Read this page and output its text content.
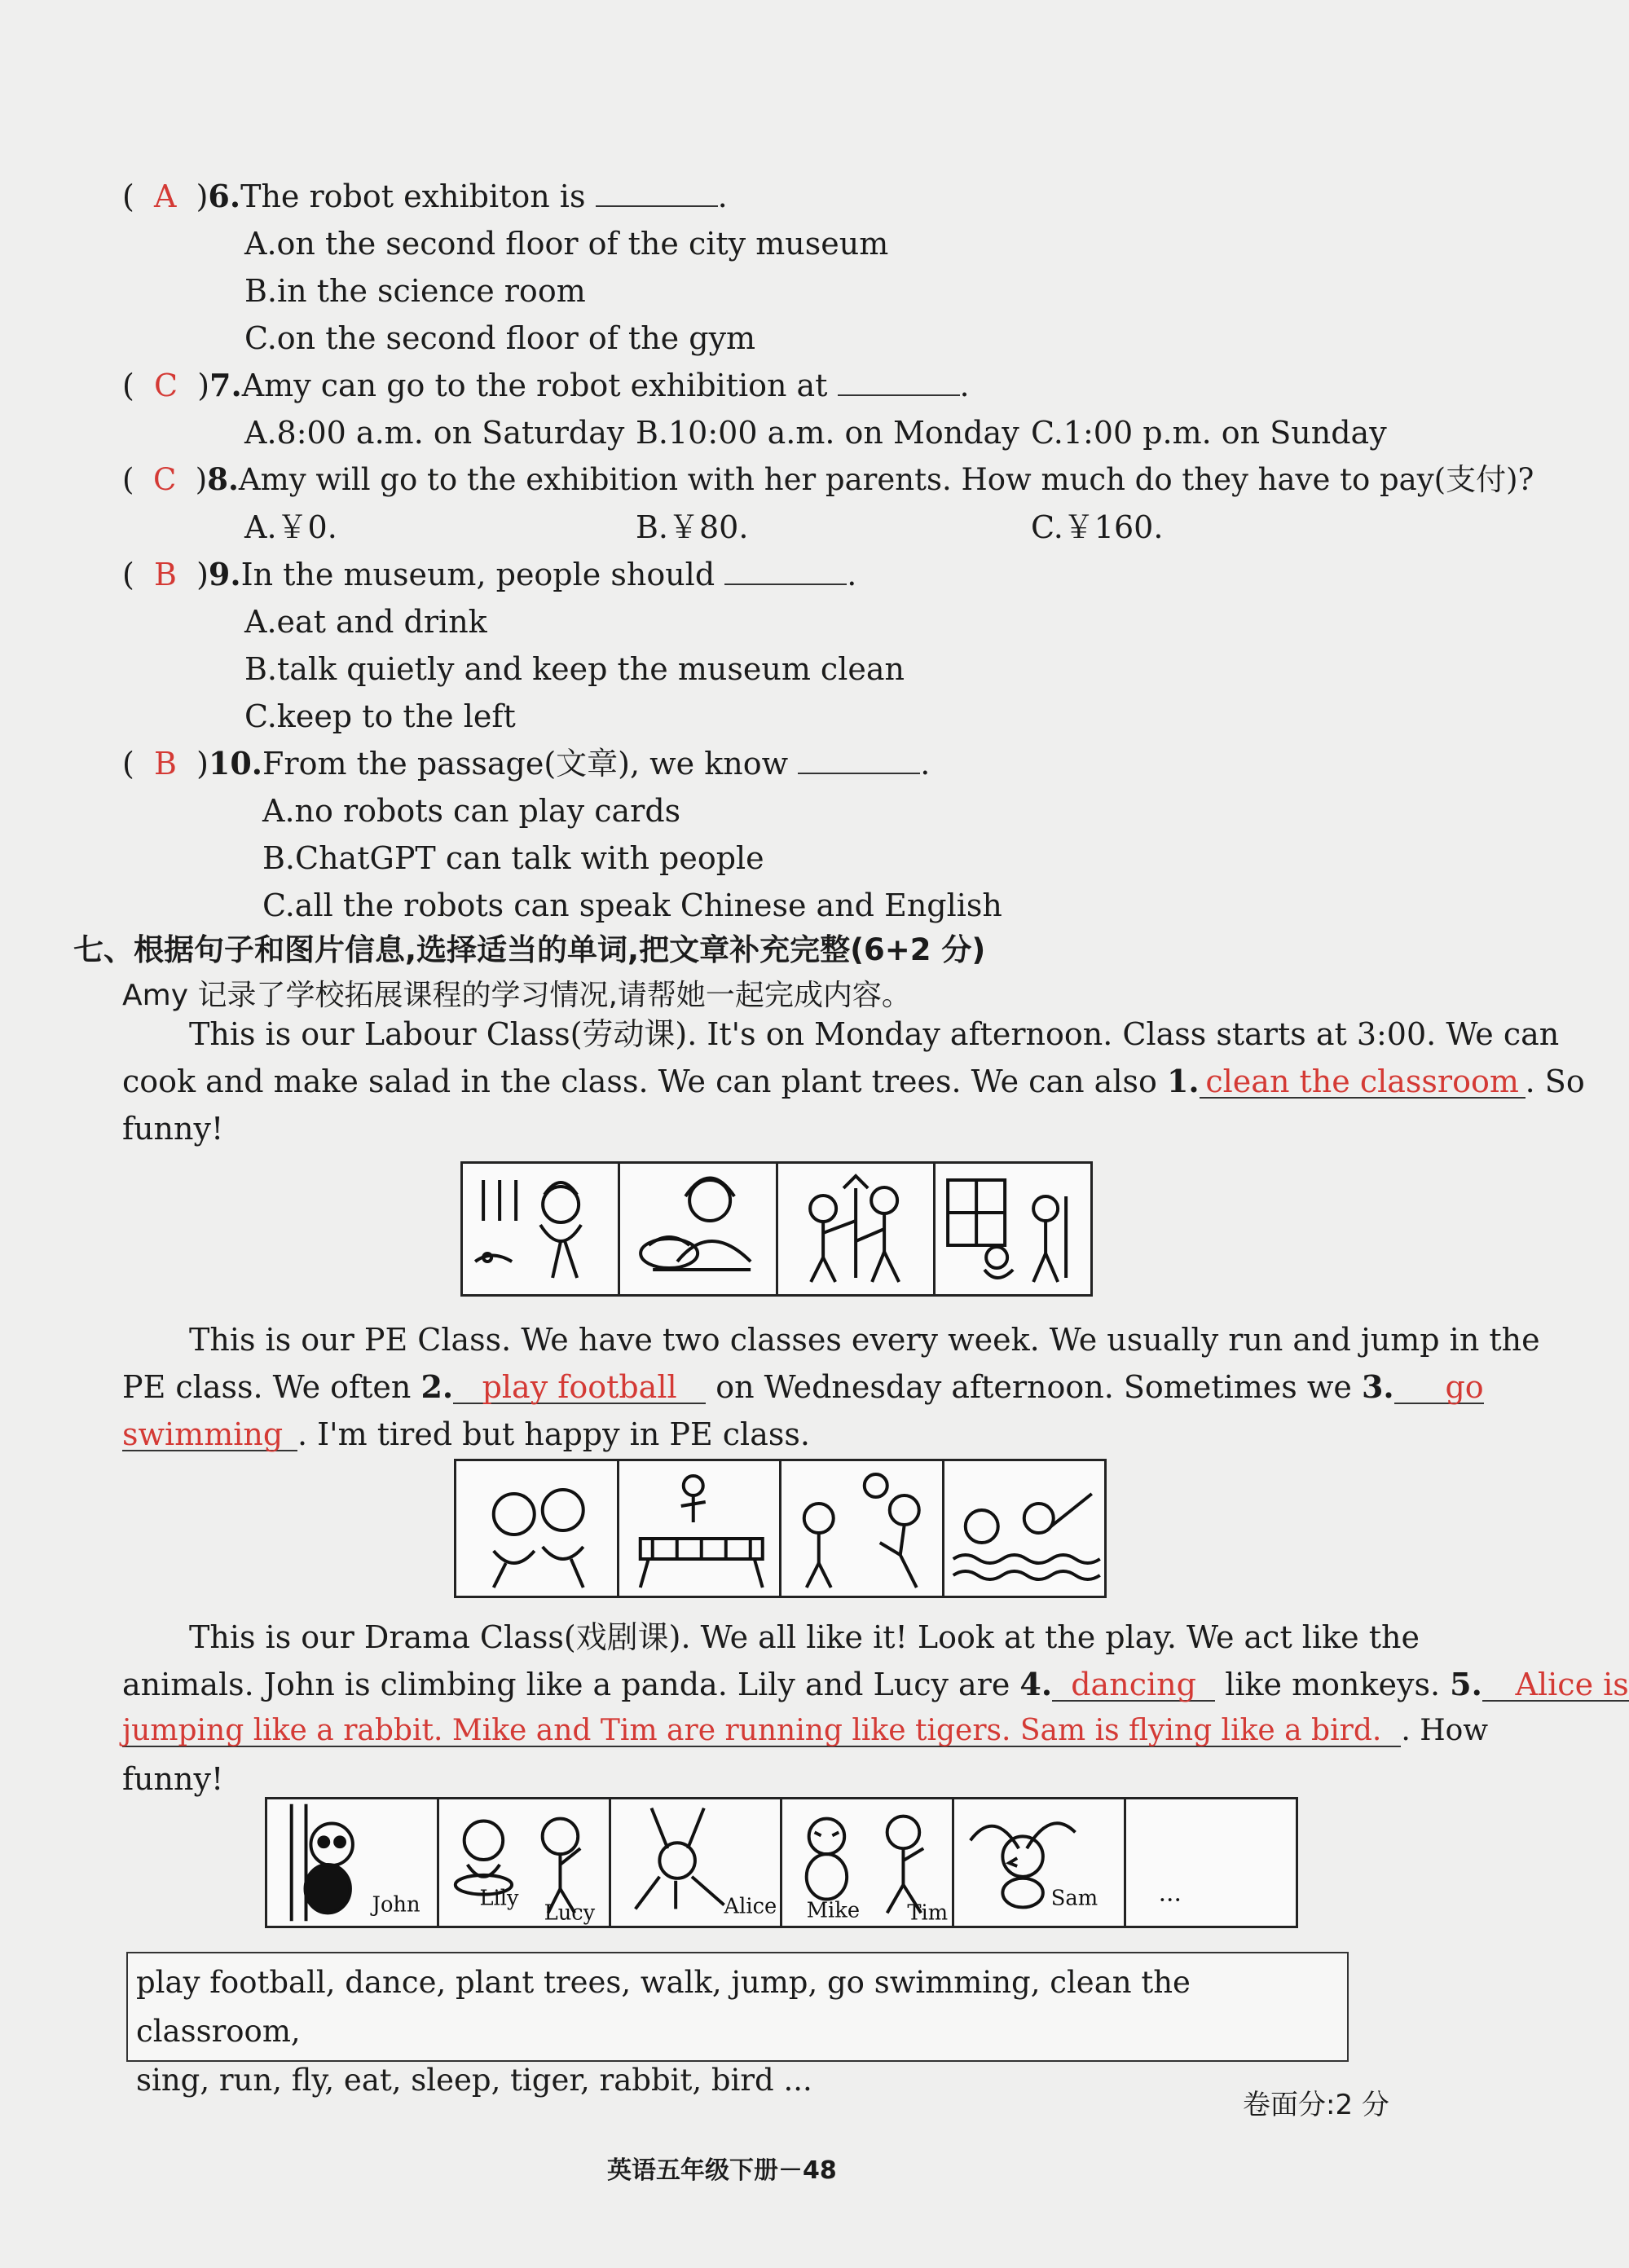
(  A  )6.The robot exhibiton is	.
A.on the second floor of the city museum
B.in the science room
C.on the second floor of the gym
(  C  )7.Amy can go to the robot exhibition at	.
A.8:00 a.m. on Saturday B.10:00 a.m. on Monday C.1:00 p.m. on Sunday
(  C  )8.Amy will go to the exhibition with her parents. How much do they have to pay(支付)?
A.￥0.	B.￥80.	C.￥160.
(  B  )9.In the museum, people should	.
A.eat and drink
B.talk quietly and keep the museum clean
C.keep to the left
(  B  )10.From the passage(文章), we know	.
A.no robots can play cards
B.ChatGPT can talk with people
C.all the robots can speak Chinese and English
七、根据句子和图片信息,选择适当的单词,把文章补充完整(6+2 分)
Amy 记录了学校拓展课程的学习情况,请帮她一起完成内容。
This is our Labour Class(劳动课). It's on Monday afternoon. Class starts at 3:00. We can
cook and make salad in the class. We can plant trees. We can also 1. clean the classroom . So
funny!
This is our PE Class. We have two classes every week. We usually run and jump in the
PE class. We often 2. play football on Wednesday afternoon. Sometimes we 3. go
swimming . I'm tired but happy in PE class.
This is our Drama Class(戏剧课). We all like it! Look at the play. We act like the
animals. John is climbing like a panda. Lily and Lucy are 4. dancing like monkeys. 5. Alice is
jumping like a rabbit. Mike and Tim are running like tigers. Sam is flying like a bird. . How
funny!
John	Lily
Lucy	Alice Mike Tim
Sam ...
play football, dance, plant trees, walk, jump, go swimming, clean the classroom,
sing, run, fly, eat, sleep, tiger, rabbit, bird ...
卷面分:2 分
英语五年级下册－48
